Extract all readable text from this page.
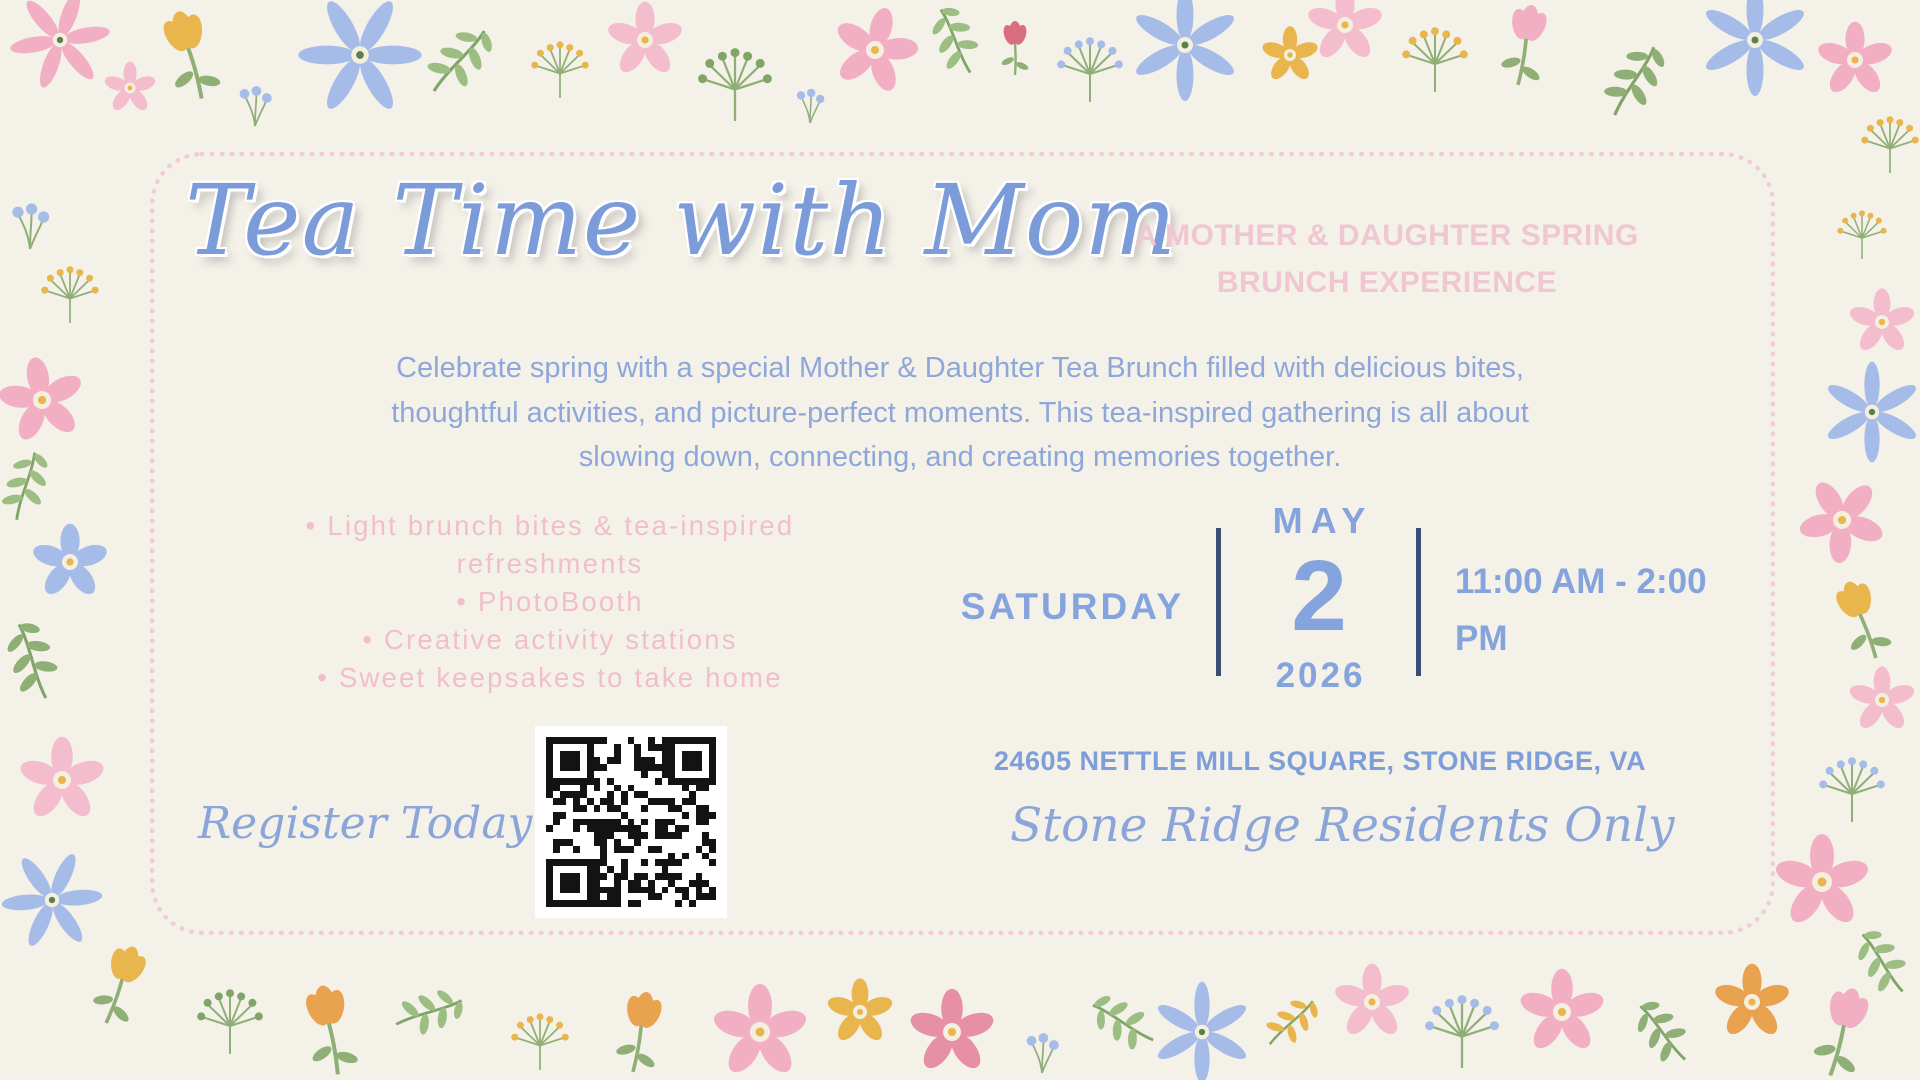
Tea Time with Mom
A MOTHER & DAUGHTER SPRING BRUNCH EXPERIENCE
Celebrate spring with a special Mother & Daughter Tea Brunch filled with delicious bites,
thoughtful activities, and picture-perfect moments. This tea-inspired gathering is all about
slowing down, connecting, and creating memories together.
• Light brunch bites & tea-inspired refreshments
• PhotoBooth
• Creative activity stations
• Sweet keepsakes to take home
SATURDAY
MAY
2
2026
11:00 AM - 2:00 PM
24605 NETTLE MILL SQUARE, STONE RIDGE, VA
Stone Ridge Residents Only
Register Today
